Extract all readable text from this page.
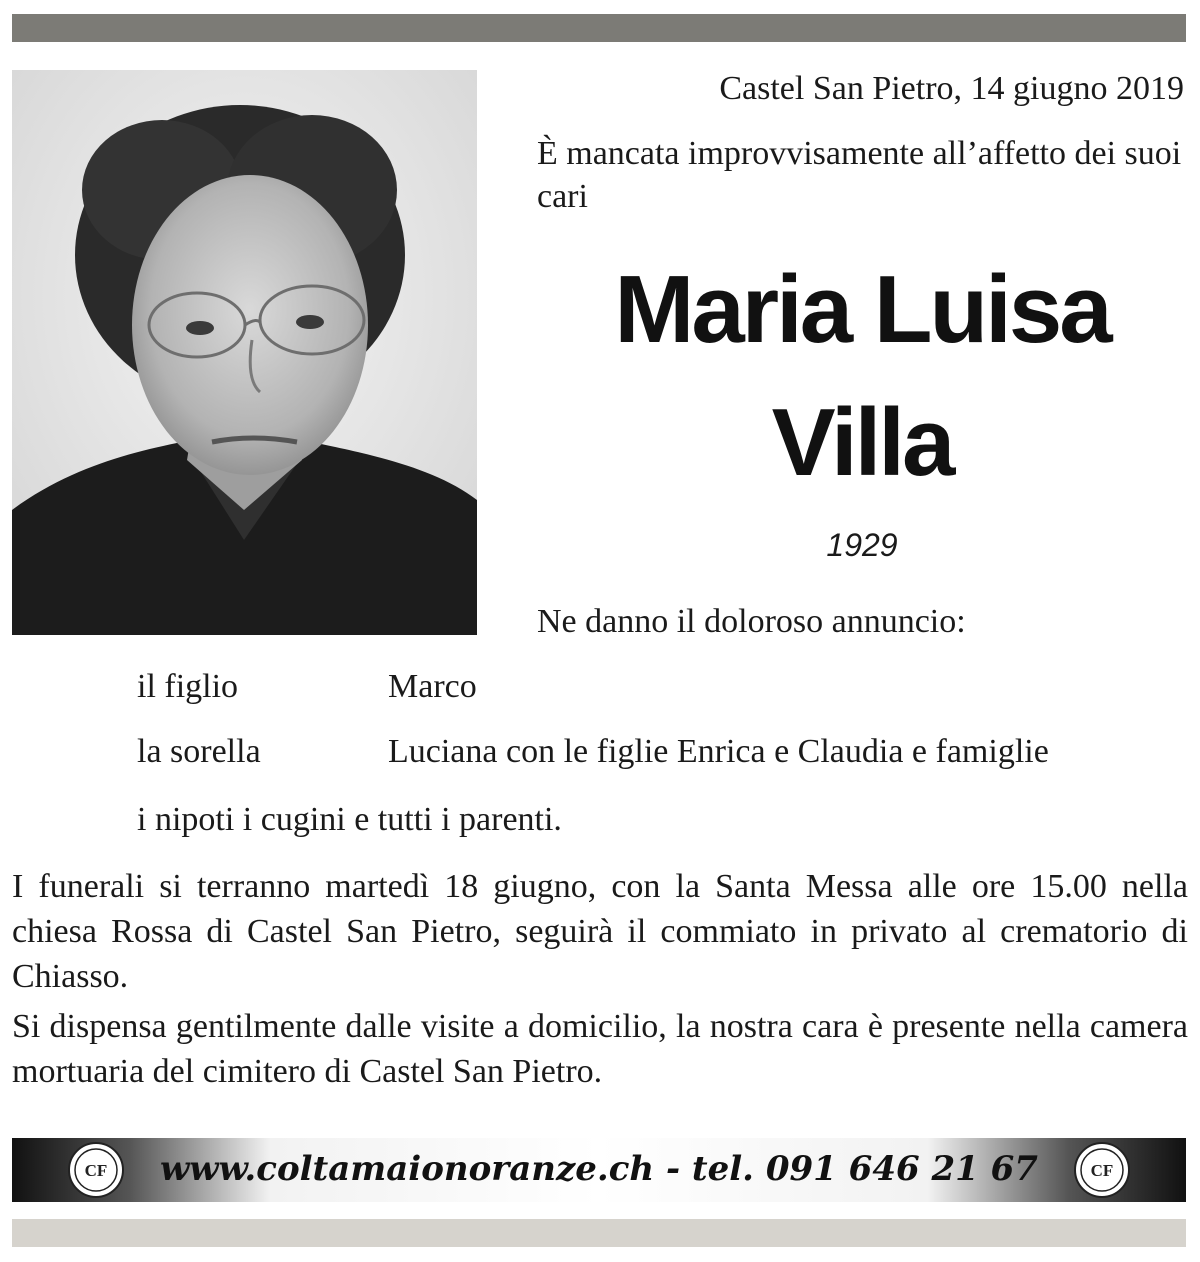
Castel San Pietro, 14 giugno 2019
È mancata improvvisamente all’affetto dei suoi cari
Maria Luisa
Villa
1929
Ne danno il doloroso annuncio:
il figlio	Marco
la sorella	Luciana con le figlie Enrica e Claudia e famiglie
i nipoti i cugini e tutti i parenti.
I funerali si terranno martedì 18 giugno, con la Santa Messa alle ore 15.00 nella chiesa Rossa di Castel San Pietro, seguirà il commiato in privato al crematorio di Chiasso.
Si dispensa gentilmente dalle visite a domicilio, la nostra cara è presente nella camera mortuaria del cimitero di Castel San Pietro.
CF	www.coltamaionoranze.ch - tel. 091 646 21 67	CF
